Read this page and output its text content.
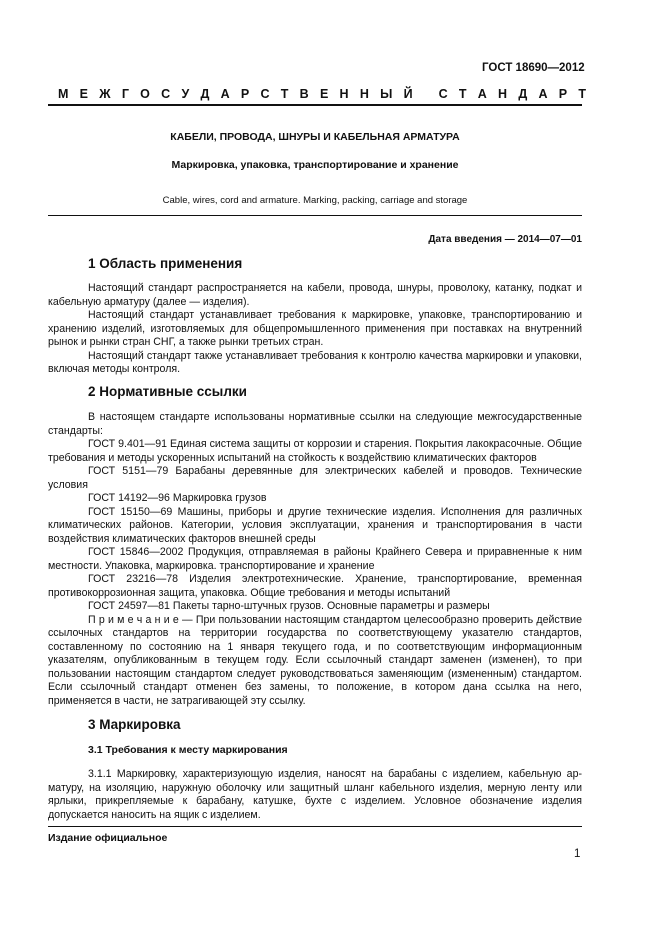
ГОСТ 18690—2012
М Е Ж Г О С У Д А Р С Т В Е Н Н Ы Й
С Т А Н Д А Р Т
КАБЕЛИ, ПРОВОДА, ШНУРЫ И КАБЕЛЬНАЯ АРМАТУРА
Маркировка, упаковка, транспортирование и хранение
Cable, wires, cord and armature. Marking, packing, carriage and storage
Дата введения — 2014—07—01
1 Область применения

Настоящий стандарт распространяется на кабели, провода, шнуры, проволоку, катанку, подкат и кабельную арматуру (далее — изделия).

Настоящий стандарт устанавливает требования к маркировке, упаковке, транспортированию и хранению изделий, изготовляемых для общепромышленного применения при поставках на внутренний рынок и рынки стран СНГ, а также рынки третьих стран.

Настоящий стандарт также устанавливает требования к контролю качества маркировки и упаковки, включая методы контроля.

2 Нормативные ссылки

В настоящем стандарте использованы нормативные ссылки на следующие межгосударственные стандарты:

ГОСТ 9.401—91 Единая система защиты от коррозии и старения. Покрытия лакокрасочные. Общие требования и методы ускоренных испытаний на стойкость к воздействию климатических факторов

ГОСТ 5151—79 Барабаны деревянные для электрических кабелей и проводов. Технические условия

ГОСТ 14192—96 Маркировка грузов

ГОСТ 15150—69 Машины, приборы и другие технические изделия. Исполнения для различных климатических районов. Категории, условия эксплуатации, хранения и транспортирования в части воздействия климатических факторов внешней среды

ГОСТ 15846—2002 Продукция, отправляемая в районы Крайнего Севера и приравненные к ним местности. Упаковка, маркировка. транспортирование и хранение

ГОСТ 23216—78 Изделия электротехнические. Хранение, транспортирование, временная противокоррозионная защита, упаковка. Общие требования и методы испытаний

ГОСТ 24597—81 Пакеты тарно-штучных грузов. Основные параметры и размеры

П р и м е ч а н и е — При пользовании настоящим стандартом целесообразно проверить действие ссылочных стандартов на территории государства по соответствующему указателю стандартов, составленному по состоянию на 1 января текущего года, и по соответствующим информационным указателям, опубликованным в текущем году. Если ссылочный стандарт заменен (изменен), то при пользовании настоящим стандартом следует руководствоваться заменяющим (измененным) стандартом. Если ссылочный стандарт отменен без замены, то положение, в котором дана ссылка на него, применяется в части, не затрагивающей эту ссылку.

3 Маркировка
3.1 Требования к месту маркирования

3.1.1 Маркировку, характеризующую изделия, наносят на барабаны с изделием, кабельную арматуру, на изоляцию, наружную оболочку или защитный шланг кабельного изделия, мерную ленту или ярлыки, прикрепляемые к барабану, катушке, бухте с изделием. Условное обозначение изделия допускается наносить на ящик с изделием.

Издание официальное
1
